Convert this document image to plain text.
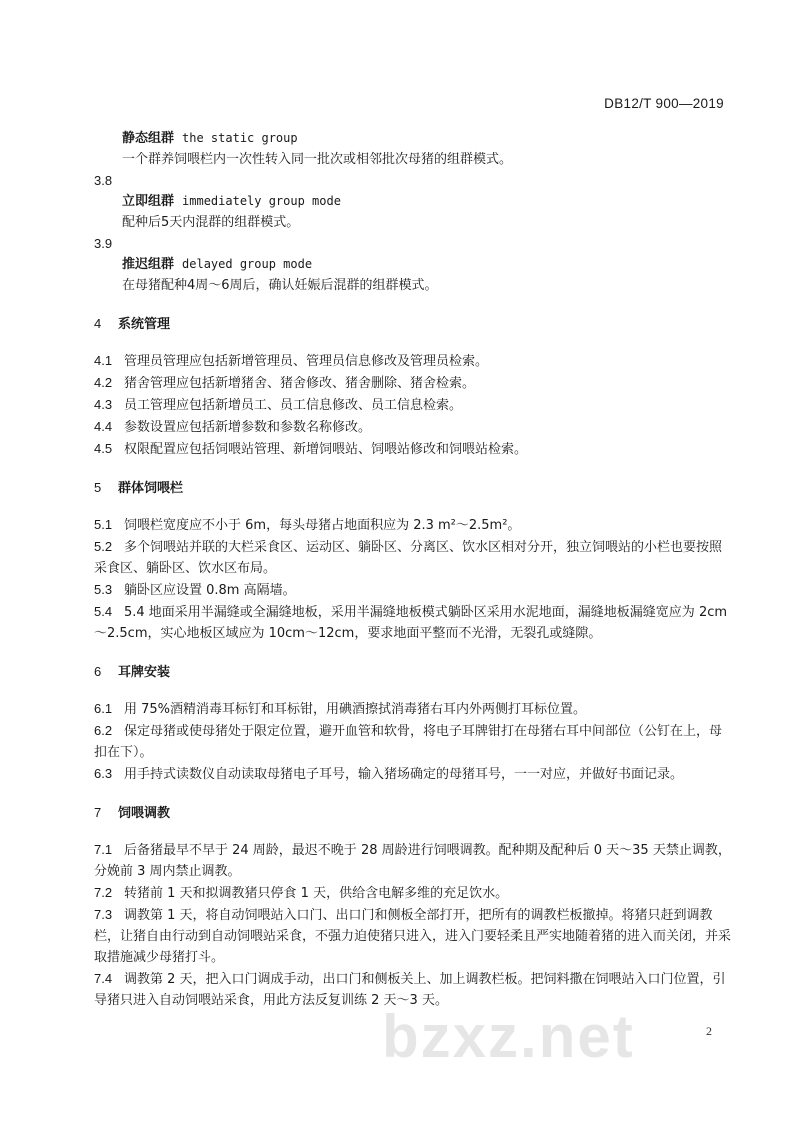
DB12/T 900—2019
静态组群 the static group
一个群养饲喂栏内一次性转入同一批次或相邻批次母猪的组群模式。
3.8
立即组群 immediately group mode
配种后5天内混群的组群模式。
3.9
推迟组群 delayed group mode
在母猪配种4周～6周后，确认妊娠后混群的组群模式。
4 系统管理
4.1 管理员管理应包括新增管理员、管理员信息修改及管理员检索。
4.2 猪舍管理应包括新增猪舍、猪舍修改、猪舍删除、猪舍检索。
4.3 员工管理应包括新增员工、员工信息修改、员工信息检索。
4.4 参数设置应包括新增参数和参数名称修改。
4.5 权限配置应包括饲喂站管理、新增饲喂站、饲喂站修改和饲喂站检索。
5 群体饲喂栏
5.1 饲喂栏宽度应不小于 6m，每头母猪占地面积应为 2.3 m²～2.5m²。
5.2 多个饲喂站并联的大栏采食区、运动区、躺卧区、分离区、饮水区相对分开，独立饲喂站的小栏也要按照采食区、躺卧区、饮水区布局。
5.3 躺卧区应设置 0.8m 高隔墙。
5.4 5.4 地面采用半漏缝或全漏缝地板，采用半漏缝地板模式躺卧区采用水泥地面，漏缝地板漏缝宽应为 2cm～2.5cm，实心地板区域应为 10cm～12cm，要求地面平整而不光滑，无裂孔或缝隙。
6 耳牌安装
6.1 用 75%酒精消毒耳标钉和耳标钳，用碘酒擦拭消毒猪右耳内外两侧打耳标位置。
6.2 保定母猪或使母猪处于限定位置，避开血管和软骨，将电子耳牌钳打在母猪右耳中间部位（公钉在上，母扣在下）。
6.3 用手持式读数仪自动读取母猪电子耳号，输入猪场确定的母猪耳号，一一对应，并做好书面记录。
7 饲喂调教
7.1 后备猪最早不早于 24 周龄，最迟不晚于 28 周龄进行饲喂调教。配种期及配种后 0 天～35 天禁止调教，分娩前 3 周内禁止调教。
7.2 转猪前 1 天和拟调教猪只停食 1 天，供给含电解多维的充足饮水。
7.3 调教第 1 天，将自动饲喂站入口门、出口门和侧板全部打开，把所有的调教栏板撤掉。将猪只赶到调教栏，让猪自由行动到自动饲喂站采食，不强力迫使猪只进入，进入门要轻柔且严实地随着猪的进入而关闭，并采取措施减少母猪打斗。
7.4 调教第 2 天，把入口门调成手动，出口门和侧板关上、加上调教栏板。把饲料撒在饲喂站入口门位置，引导猪只进入自动饲喂站采食，用此方法反复训练 2 天～3 天。
bzxz.net	2
